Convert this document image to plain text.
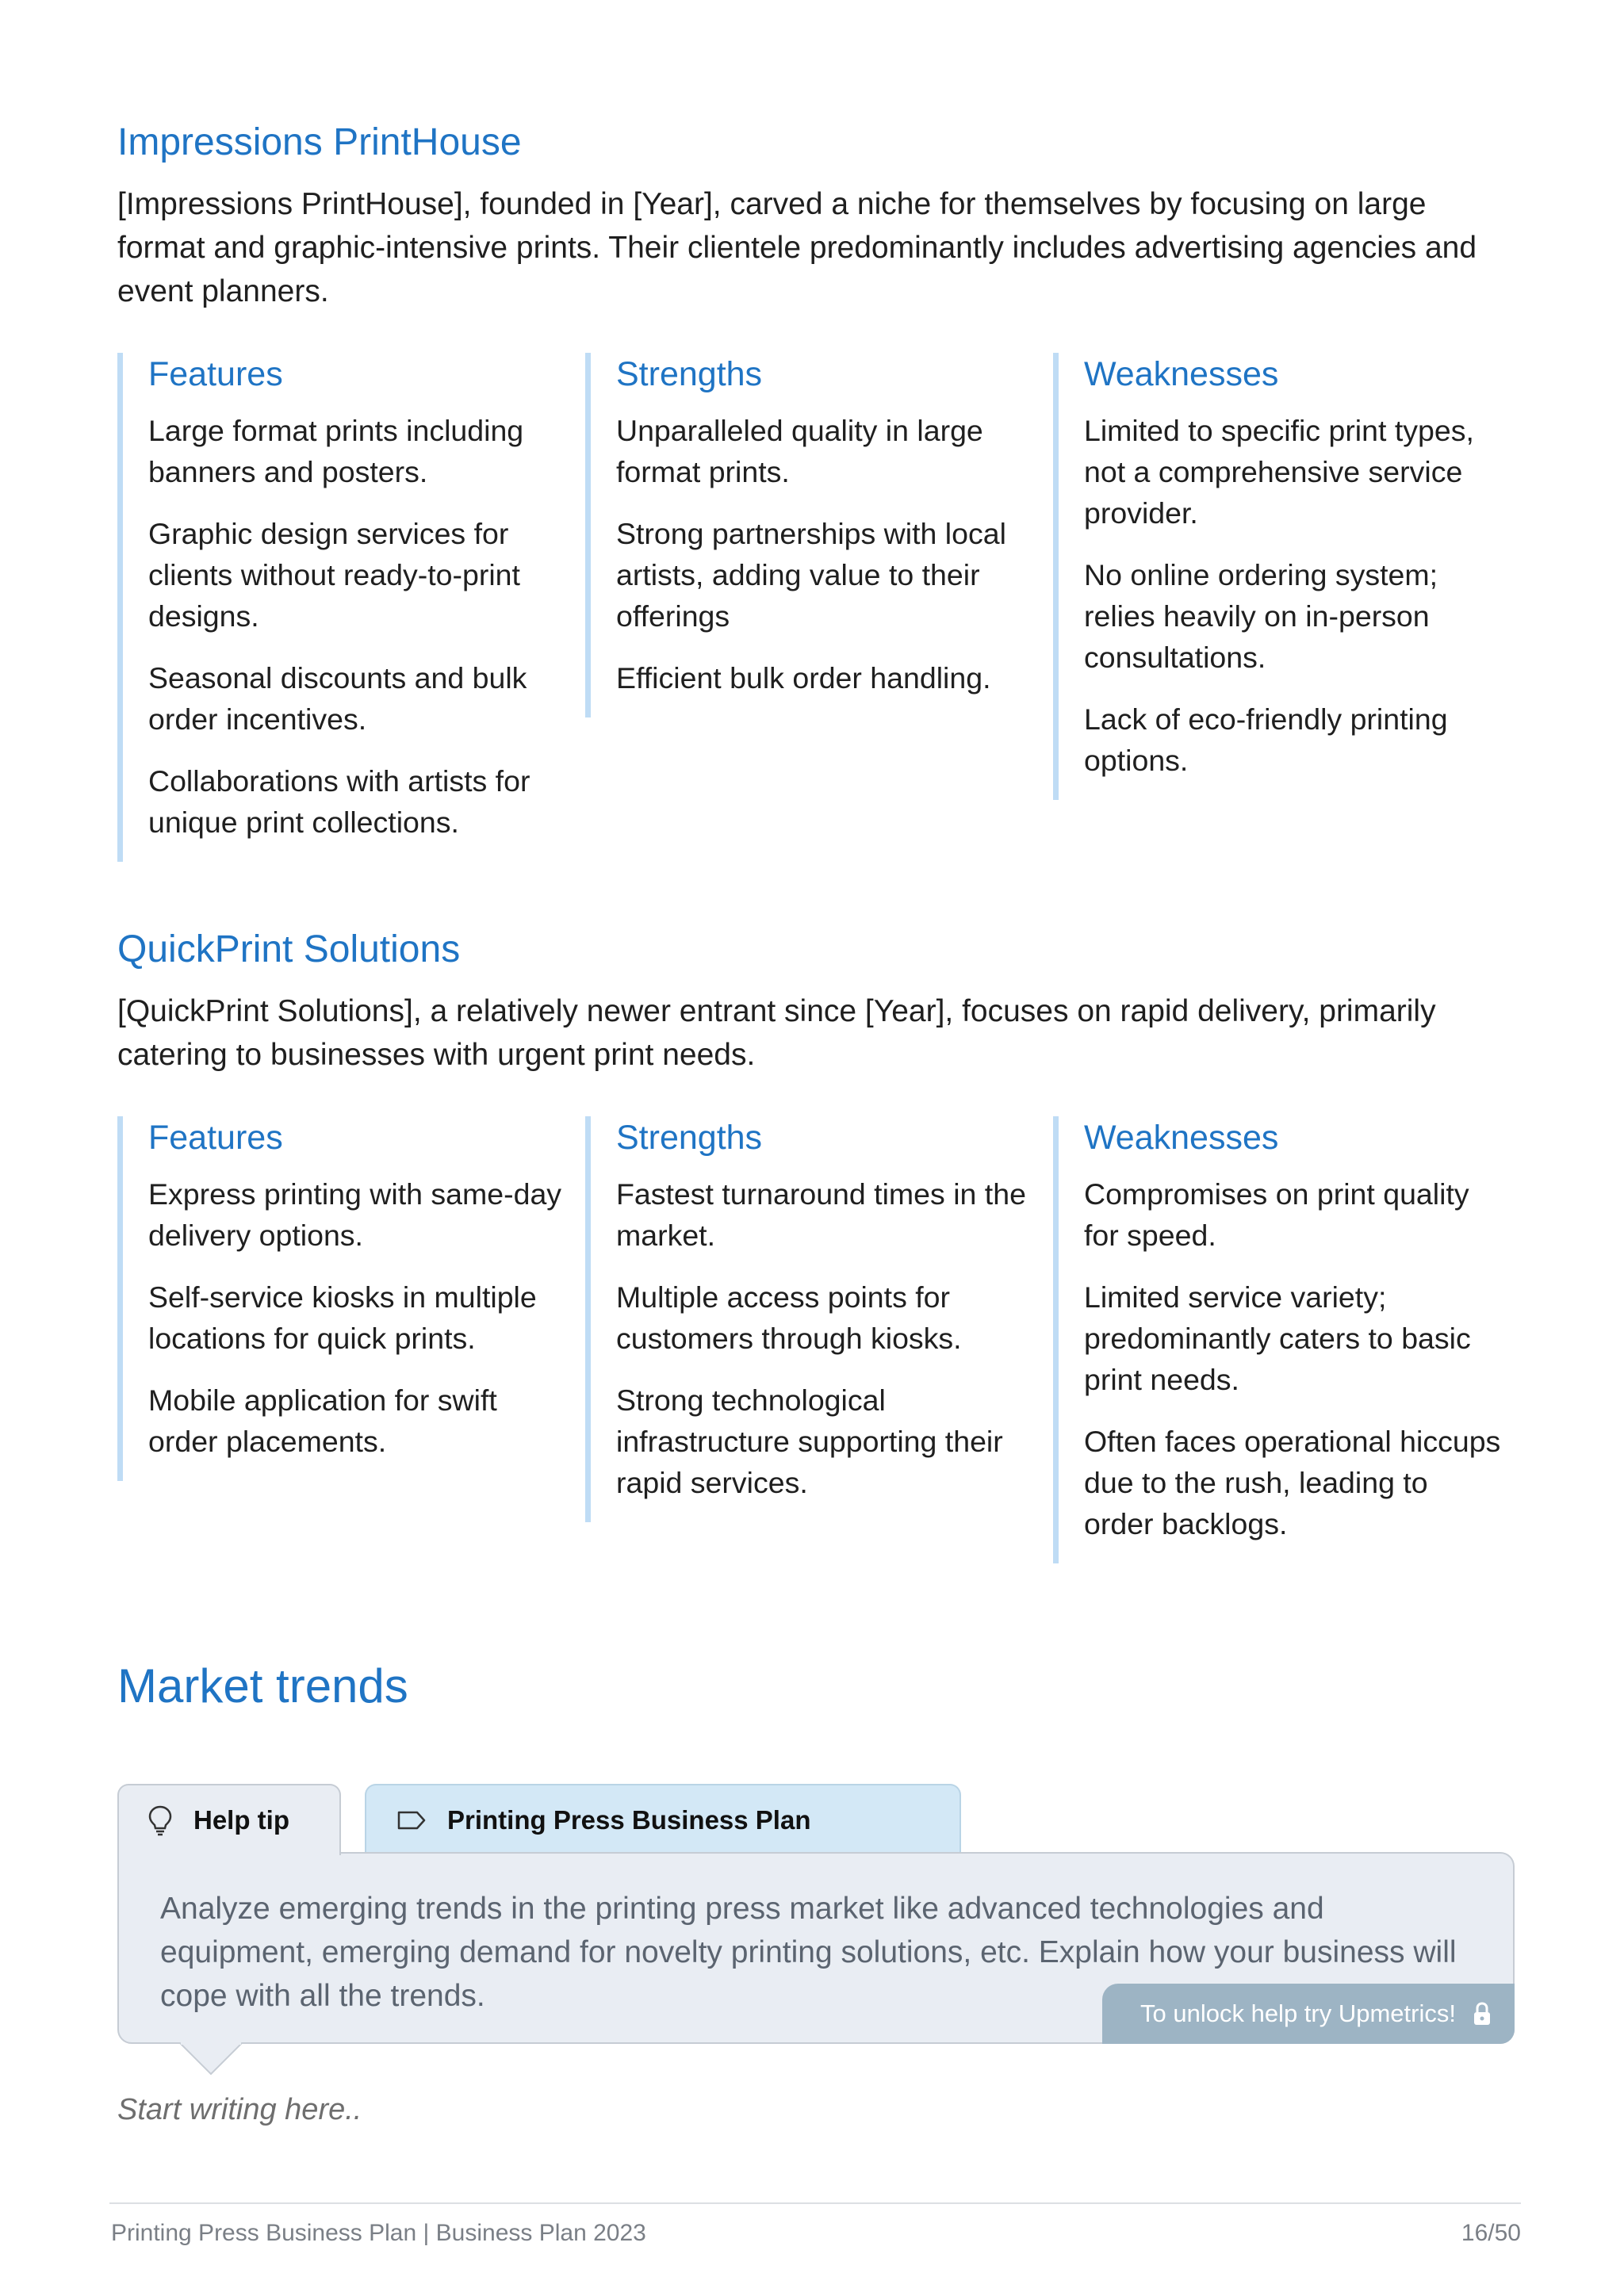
Impressions PrintHouse

[Impressions PrintHouse], founded in [Year], carved a niche for themselves by focusing on large format and graphic-intensive prints. Their clientele predominantly includes advertising agencies and event planners.

Features
Large format prints including banners and posters.
Graphic design services for clients without ready-to-print designs.
Seasonal discounts and bulk order incentives.
Collaborations with artists for unique print collections.
Strengths
Unparalleled quality in large format prints.
Strong partnerships with local artists, adding value to their offerings
Efficient bulk order handling.
Weaknesses
Limited to specific print types, not a comprehensive service provider.
No online ordering system; relies heavily on in-person consultations.
Lack of eco-friendly printing options.
QuickPrint Solutions

[QuickPrint Solutions], a relatively newer entrant since [Year], focuses on rapid delivery, primarily catering to businesses with urgent print needs.

Features
Express printing with same-day delivery options.
Self-service kiosks in multiple locations for quick prints.
Mobile application for swift order placements.
Strengths
Fastest turnaround times in the market.
Multiple access points for customers through kiosks.
Strong technological infrastructure supporting their rapid services.
Weaknesses
Compromises on print quality for speed.
Limited service variety; predominantly caters to basic print needs.
Often faces operational hiccups due to the rush, leading to order backlogs.
Market trends
Help tip	Printing Press Business Plan

Analyze emerging trends in the printing press market like advanced technologies and equipment, emerging demand for novelty printing solutions, etc. Explain how your business will cope with all the trends.

To unlock help try Upmetrics!
Start writing here..
Printing Press Business Plan | Business Plan 2023	16/50
